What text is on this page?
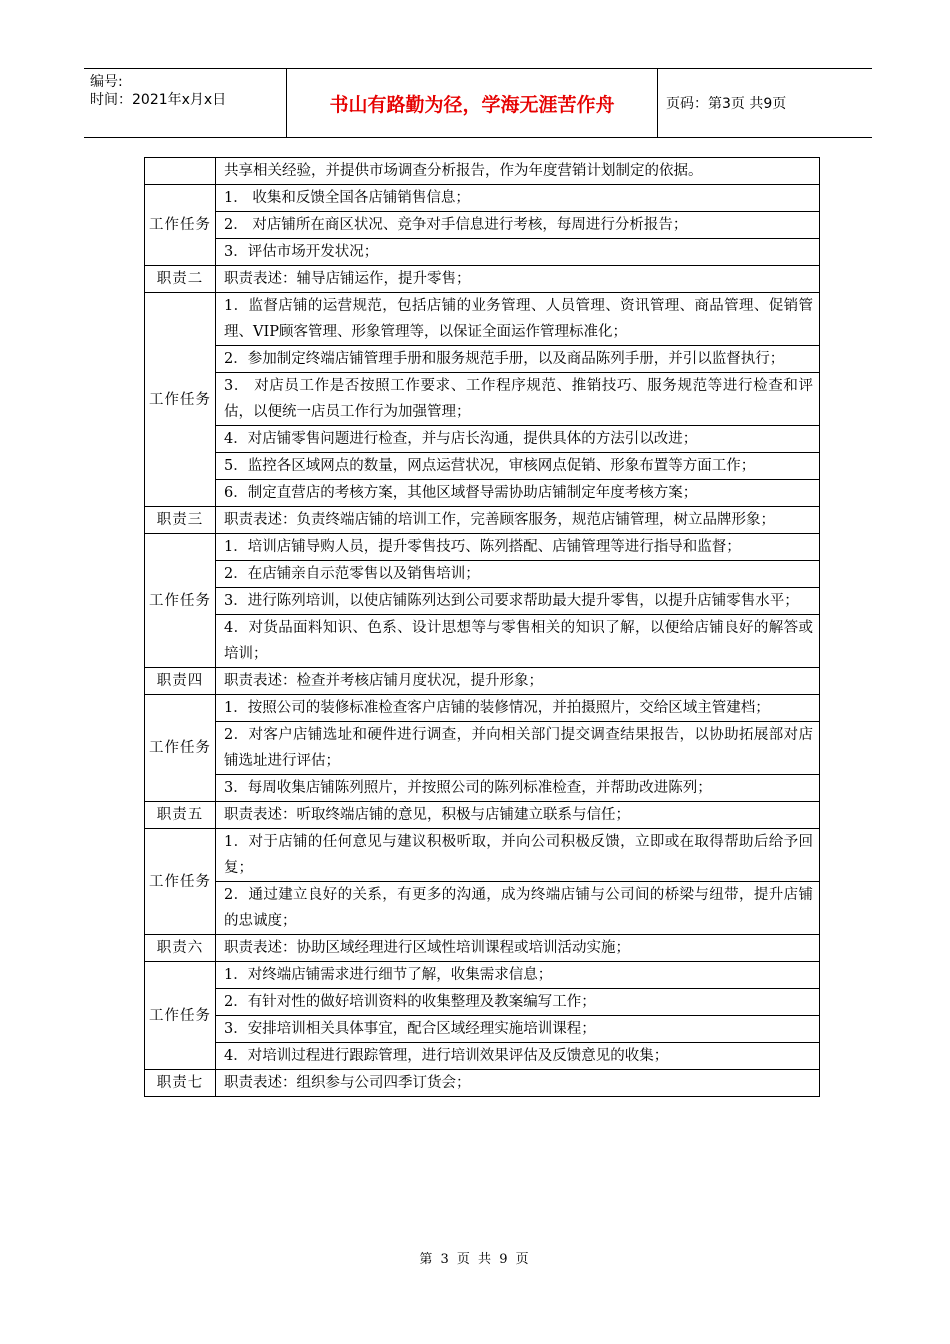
编号:
时间：2021年x月x日	书山有路勤为径，学海无涯苦作舟	页码：第3页 共9页
	共享相关经验，并提供市场调查分析报告，作为年度营销计划制定的依据。
工作任务	1． 收集和反馈全国各店铺销售信息；
	2． 对店铺所在商区状况、竞争对手信息进行考核，每周进行分析报告；
	3．评估市场开发状况；
职责二	职责表述：辅导店铺运作，提升零售；
工作任务	1．监督店铺的运营规范，包括店铺的业务管理、人员管理、资讯管理、商品管理、促销管理、VIP顾客管理、形象管理等，以保证全面运作管理标准化；
	2．参加制定终端店铺管理手册和服务规范手册，以及商品陈列手册，并引以监督执行；
	3． 对店员工作是否按照工作要求、工作程序规范、推销技巧、服务规范等进行检查和评估，以便统一店员工作行为加强管理；
	4．对店铺零售问题进行检查，并与店长沟通，提供具体的方法引以改进；
	5．监控各区域网点的数量，网点运营状况，审核网点促销、形象布置等方面工作；
	6．制定直营店的考核方案，其他区域督导需协助店铺制定年度考核方案；
职责三	职责表述：负责终端店铺的培训工作，完善顾客服务，规范店铺管理，树立品牌形象；
工作任务	1．培训店铺导购人员，提升零售技巧、陈列搭配、店铺管理等进行指导和监督；
	2．在店铺亲自示范零售以及销售培训；
	3．进行陈列培训，以使店铺陈列达到公司要求帮助最大提升零售，以提升店铺零售水平；
	4．对货品面料知识、色系、设计思想等与零售相关的知识了解，以便给店铺良好的解答或培训；
职责四	职责表述：检查并考核店铺月度状况，提升形象；
工作任务	1．按照公司的装修标准检查客户店铺的装修情况，并拍摄照片，交给区域主管建档；
	2．对客户店铺选址和硬件进行调查，并向相关部门提交调查结果报告，以协助拓展部对店铺选址进行评估；
	3．每周收集店铺陈列照片，并按照公司的陈列标准检查，并帮助改进陈列；
职责五	职责表述：听取终端店铺的意见，积极与店铺建立联系与信任；
工作任务	1．对于店铺的任何意见与建议积极听取，并向公司积极反馈，立即或在取得帮助后给予回复；
	2．通过建立良好的关系，有更多的沟通，成为终端店铺与公司间的桥梁与纽带，提升店铺的忠诚度；
职责六	职责表述：协助区域经理进行区域性培训课程或培训活动实施；
工作任务	1．对终端店铺需求进行细节了解，收集需求信息；
	2．有针对性的做好培训资料的收集整理及教案编写工作；
	3．安排培训相关具体事宜，配合区域经理实施培训课程；
	4．对培训过程进行跟踪管理，进行培训效果评估及反馈意见的收集；
职责七	职责表述：组织参与公司四季订货会；
第 3 页 共 9 页
